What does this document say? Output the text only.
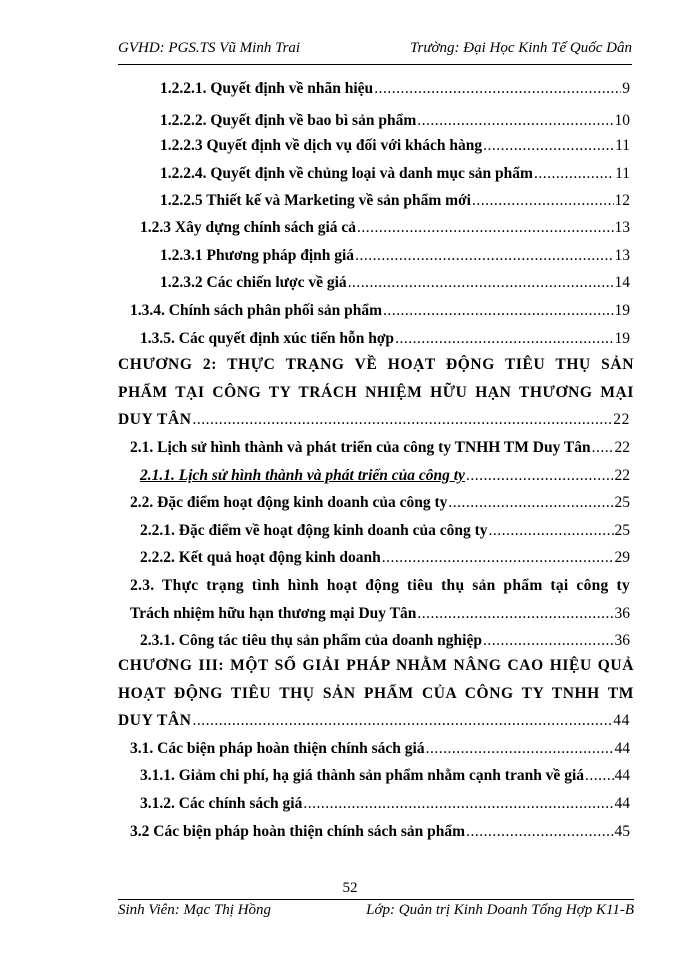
GVHD: PGS.TS Vũ Minh Trai	Trường: Đại Học Kinh Tế Quốc Dân
1.2.2.1. Quyết định về nhãn hiệu .....	9
1.2.2.2. Quyết định về bao bì sản phẩm .....	10
1.2.2.3 Quyết định về dịch vụ đối với khách hàng .....	11
1.2.2.4. Quyết định về chủng loại và danh mục sản phẩm .....	11
1.2.2.5 Thiết kế và Marketing về sản phẩm mới .....	12
1.2.3 Xây dựng chính sách giá cả .....	13
1.2.3.1 Phương pháp định giá .....	13
1.2.3.2 Các chiến lược về giá .....	14
1.3.4. Chính sách phân phối sản phẩm .....	19
1.3.5. Các quyết định xúc tiến hỗn hợp .....	19
CHƯƠNG 2: THỰC TRẠNG VỀ HOẠT ĐỘNG TIÊU THỤ SẢN
PHẨM TẠI CÔNG TY TRÁCH NHIỆM HỮU HẠN THƯƠNG MẠI
DUY TÂN .....	22
2.1. Lịch sử hình thành và phát triển của công ty TNHH TM Duy Tân ..... 22
2.1.1. Lịch sử hình thành và phát triển của công ty .....	22
2.2. Đặc điểm hoạt động kinh doanh của công ty .....	25
2.2.1. Đặc điểm về hoạt động kinh doanh của công ty .....	25
2.2.2. Kết quả hoạt động kinh doanh .....	29
2.3. Thực trạng tình hình hoạt động tiêu thụ sản phẩm tại công ty
Trách nhiệm hữu hạn thương mại Duy Tân .....	36
2.3.1. Công tác tiêu thụ sản phẩm của doanh nghiệp .....	36
CHƯƠNG III: MỘT SỐ GIẢI PHÁP NHẰM NÂNG CAO HIỆU QUẢ
HOẠT ĐỘNG TIÊU THỤ SẢN PHẨM CỦA CÔNG TY TNHH TM
DUY TÂN .....	44
3.1. Các biện pháp hoàn thiện chính sách giá .....	44
3.1.1. Giảm chi phí, hạ giá thành sản phẩm nhằm cạnh tranh về giá ..... 44
3.1.2. Các chính sách giá .....	44
3.2 Các biện pháp hoàn thiện chính sách sản phẩm .....	45
52
Sinh Viên: Mạc Thị Hồng	Lớp: Quản trị Kinh Doanh Tổng Hợp K11-B
